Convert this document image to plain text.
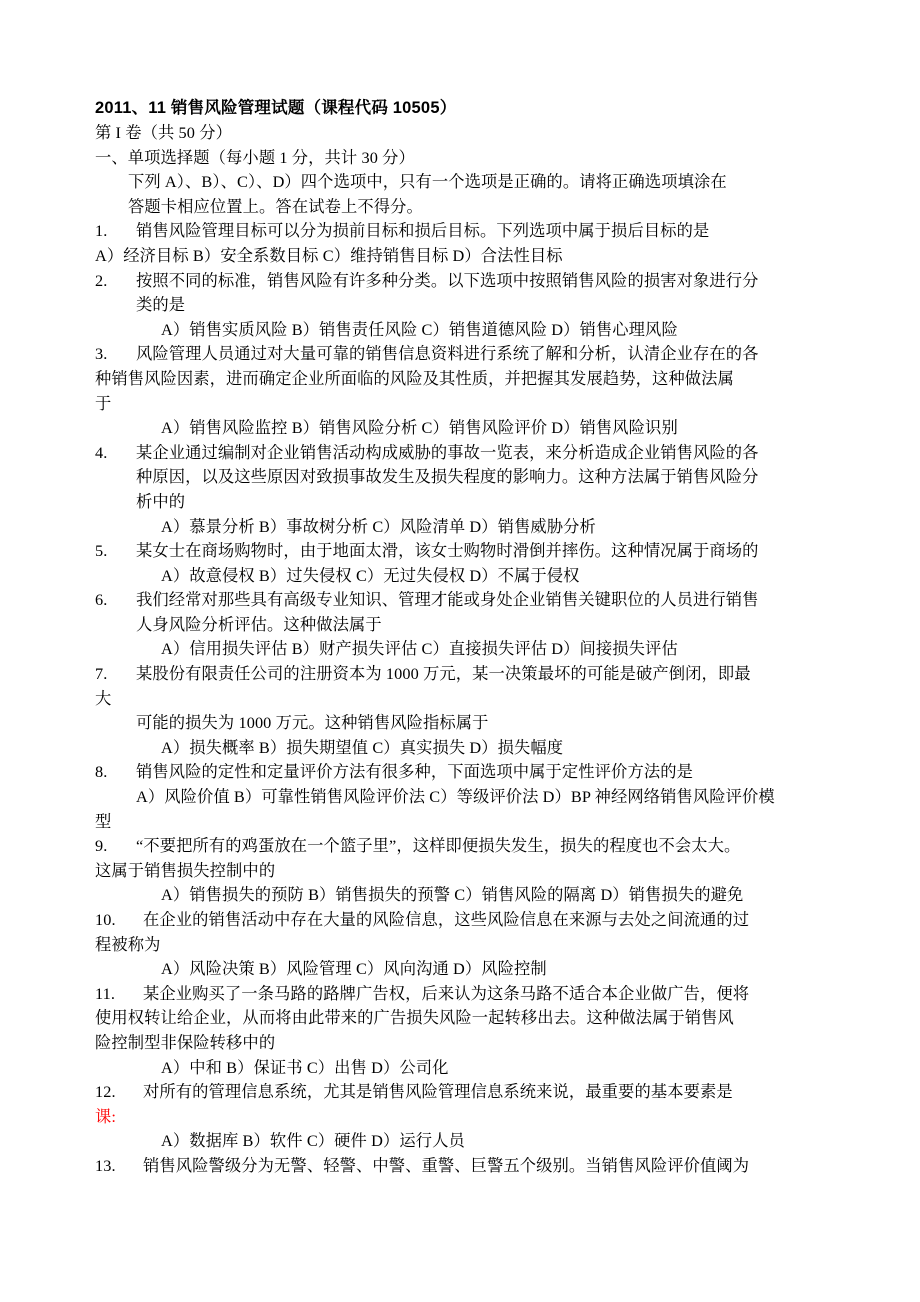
2011、11 销售风险管理试题（课程代码 10505）

第 I 卷（共 50 分）

一、单项选择题（每小题 1 分，共计 30 分）

下列 A）、B）、C）、D）四个选项中，只有一个选项是正确的。请将正确选项填涂在

答题卡相应位置上。答在试卷上不得分。

1.	销售风险管理目标可以分为损前目标和损后目标。下列选项中属于损后目标的是

A）经济目标 B）安全系数目标 C）维持销售目标 D）合法性目标

2.	按照不同的标准，销售风险有许多种分类。以下选项中按照销售风险的损害对象进行分

类的是

A）销售实质风险 B）销售责任风险 C）销售道德风险 D）销售心理风险

3.	风险管理人员通过对大量可靠的销售信息资料进行系统了解和分析，认清企业存在的各

种销售风险因素，进而确定企业所面临的风险及其性质，并把握其发展趋势，这种做法属

于

A）销售风险监控 B）销售风险分析 C）销售风险评价 D）销售风险识别

4.	某企业通过编制对企业销售活动构成威胁的事故一览表，来分析造成企业销售风险的各

种原因，以及这些原因对致损事故发生及损失程度的影响力。这种方法属于销售风险分

析中的

A）慕景分析 B）事故树分析 C）风险清单 D）销售威胁分析

5.	某女士在商场购物时，由于地面太滑，该女士购物时滑倒并摔伤。这种情况属于商场的

A）故意侵权 B）过失侵权 C）无过失侵权 D）不属于侵权

6.	我们经常对那些具有高级专业知识、管理才能或身处企业销售关键职位的人员进行销售

人身风险分析评估。这种做法属于

A）信用损失评估 B）财产损失评估 C）直接损失评估 D）间接损失评估

7.	某股份有限责任公司的注册资本为 1000 万元，某一决策最坏的可能是破产倒闭，即最

大

可能的损失为 1000 万元。这种销售风险指标属于

A）损失概率 B）损失期望值 C）真实损失 D）损失幅度

8.	销售风险的定性和定量评价方法有很多种，下面选项中属于定性评价方法的是

A）风险价值 B）可靠性销售风险评价法 C）等级评价法 D）BP 神经网络销售风险评价模

型

9.	“不要把所有的鸡蛋放在一个篮子里”，这样即便损失发生，损失的程度也不会太大。

这属于销售损失控制中的

A）销售损失的预防 B）销售损失的预警 C）销售风险的隔离 D）销售损失的避免

10.	在企业的销售活动中存在大量的风险信息，这些风险信息在来源与去处之间流通的过

程被称为

A）风险决策 B）风险管理 C）风向沟通 D）风险控制

11.	某企业购买了一条马路的路牌广告权，后来认为这条马路不适合本企业做广告，便将

使用权转让给企业，从而将由此带来的广告损失风险一起转移出去。这种做法属于销售风

险控制型非保险转移中的

A）中和 B）保证书 C）出售 D）公司化

12.	对所有的管理信息系统，尤其是销售风险管理信息系统来说，最重要的基本要素是

课:

A）数据库 B）软件 C）硬件 D）运行人员

13.	销售风险警级分为无警、轻警、中警、重警、巨警五个级别。当销售风险评价值阈为
